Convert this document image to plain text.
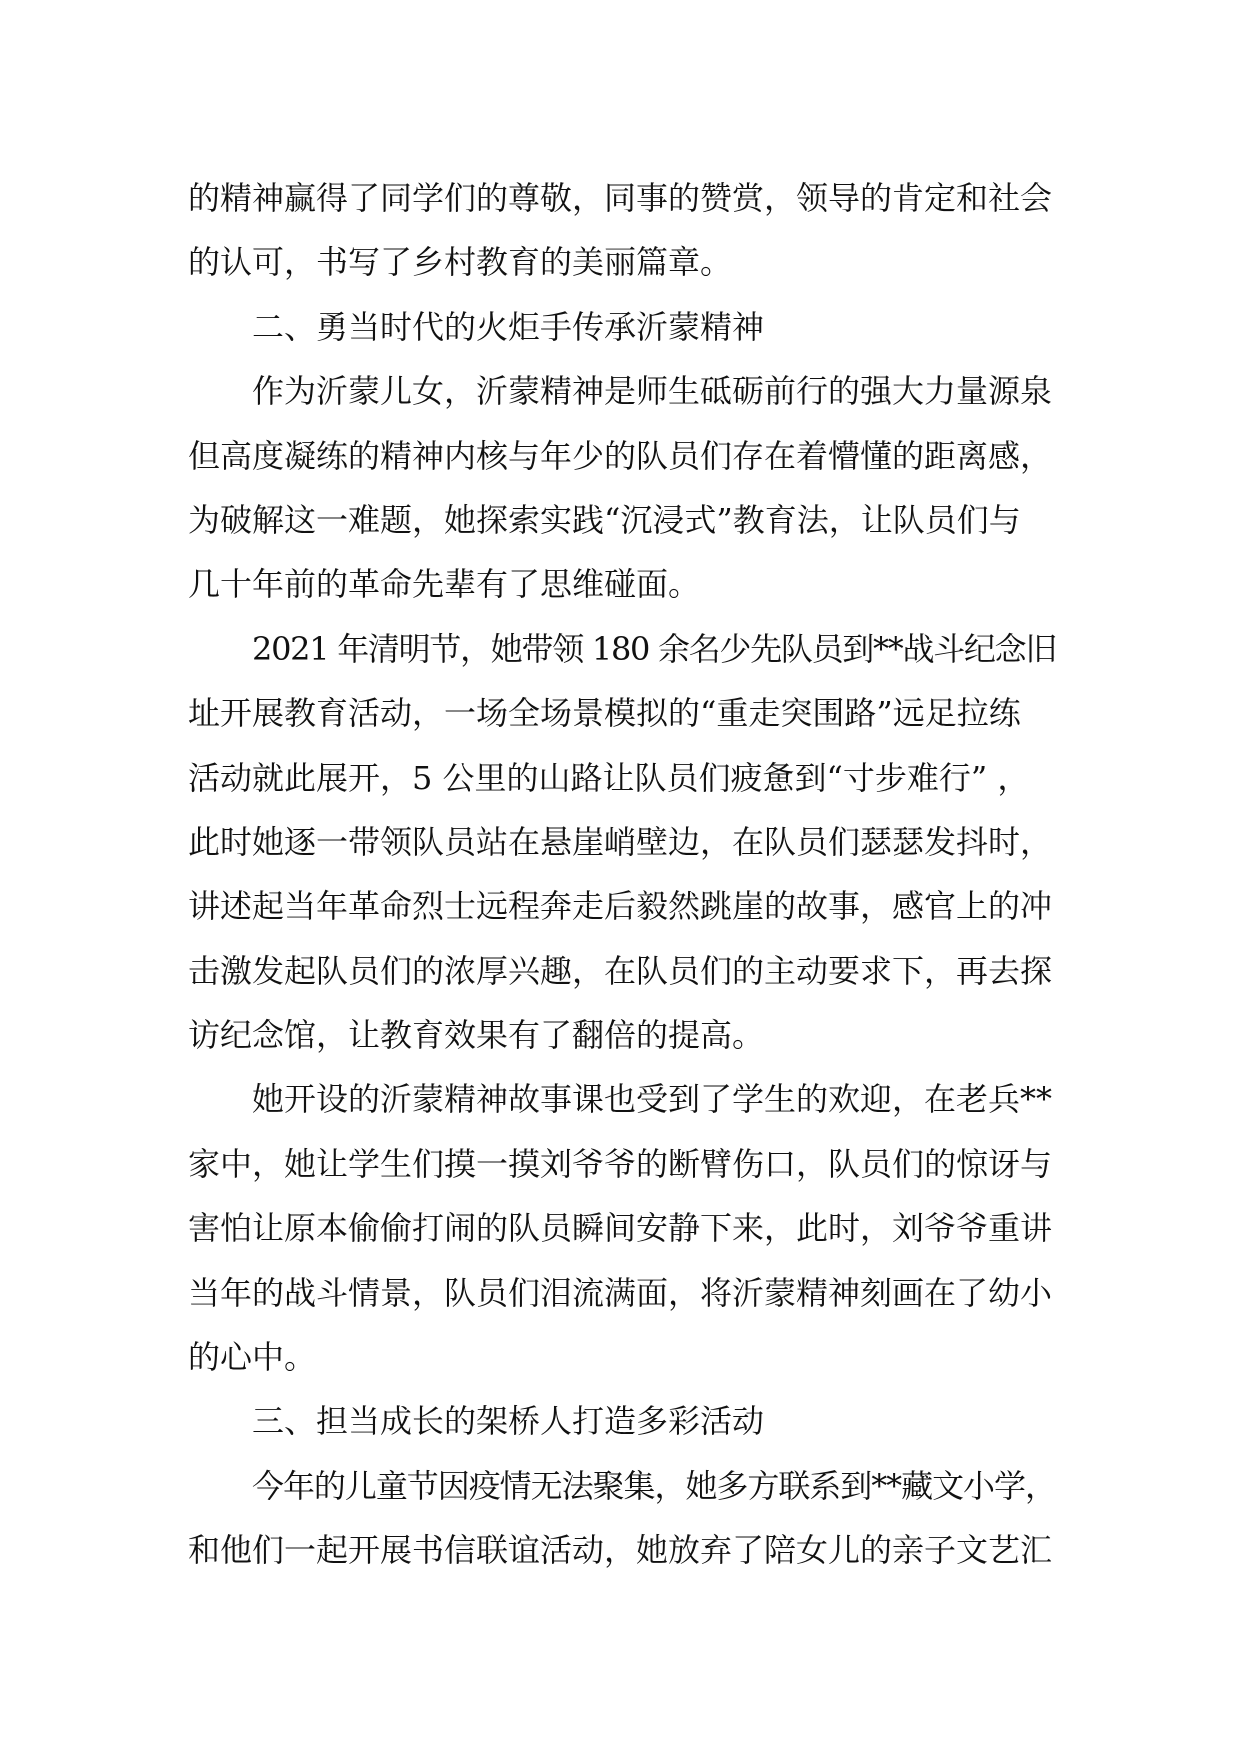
的精神赢得了同学们的尊敬，同事的赞赏，领导的肯定和社会
的认可，书写了乡村教育的美丽篇章。
二、勇当时代的火炬手传承沂蒙精神
作为沂蒙儿女，沂蒙精神是师生砥砺前行的强大力量源泉
但高度凝练的精神内核与年少的队员们存在着懵懂的距离感，
为破解这一难题，她探索实践“沉浸式”教育法，让队员们与
几十年前的革命先辈有了思维碰面。
2021 年清明节，她带领 180 余名少先队员到**战斗纪念旧
址开展教育活动，一场全场景模拟的“重走突围路”远足拉练
活动就此展开，5 公里的山路让队员们疲惫到“寸步难行” ，
此时她逐一带领队员站在悬崖峭壁边，在队员们瑟瑟发抖时，
讲述起当年革命烈士远程奔走后毅然跳崖的故事，感官上的冲
击激发起队员们的浓厚兴趣，在队员们的主动要求下，再去探
访纪念馆，让教育效果有了翻倍的提高。
她开设的沂蒙精神故事课也受到了学生的欢迎，在老兵**
家中，她让学生们摸一摸刘爷爷的断臂伤口，队员们的惊讶与
害怕让原本偷偷打闹的队员瞬间安静下来，此时，刘爷爷重讲
当年的战斗情景，队员们泪流满面，将沂蒙精神刻画在了幼小
的心中。
三、担当成长的架桥人打造多彩活动
今年的儿童节因疫情无法聚集，她多方联系到**藏文小学，
和他们一起开展书信联谊活动，她放弃了陪女儿的亲子文艺汇
